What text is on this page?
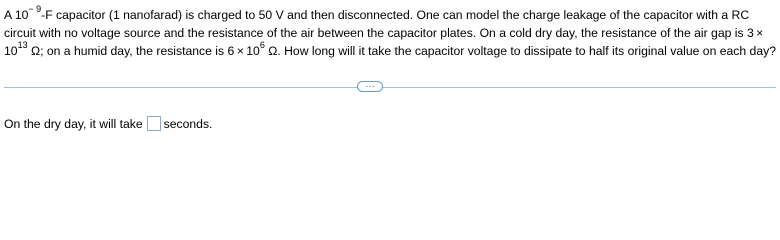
A $10^{- 9}-F$ capacitor (1 nanofarad) is charged to 50 V and then disconnected. One can model the charge leakage of the capacitor with a RC circuit with no voltage source and the resistance of the air between the capacitor plates. On a cold dry day, the resistance of the air gap is $3 \times 10^{13}$ Ω; on a humid day, the resistance is $6 \times 10^6$ Ω. How long will it take the capacitor voltage to dissipate to half its original value on each day?

…
On the dry day, it will take seconds.
